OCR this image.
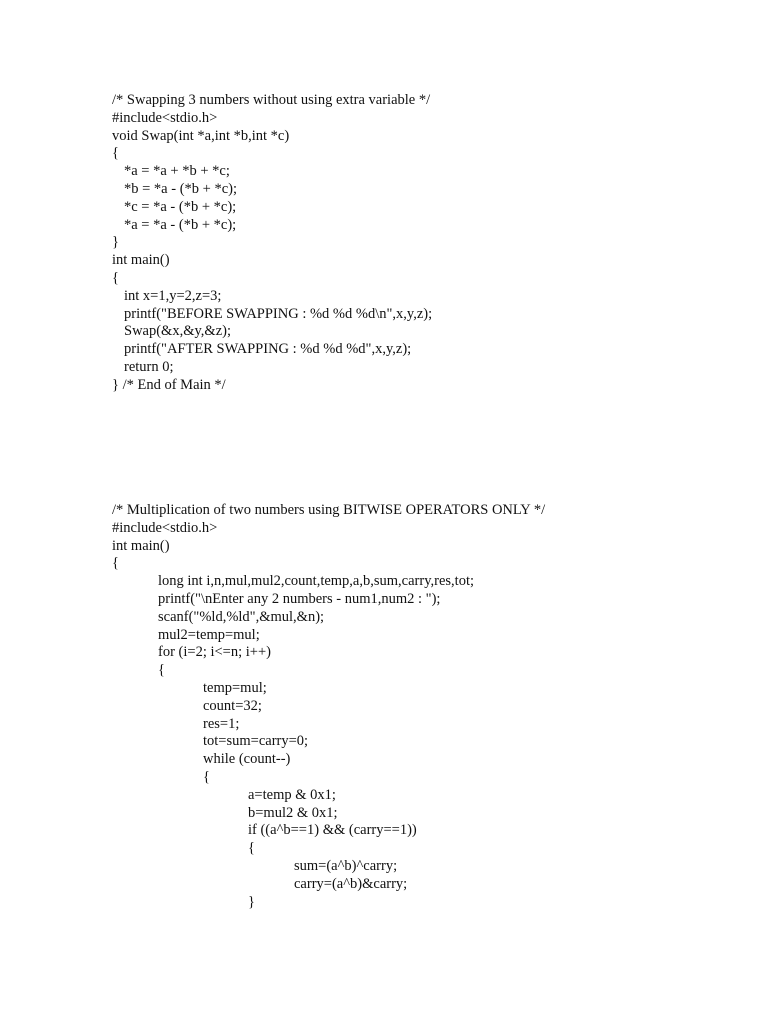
/* Swapping 3 numbers without using extra variable */
#include<stdio.h>
void Swap(int *a,int *b,int *c)
{
*a = *a + *b + *c;
*b = *a - (*b + *c);
*c = *a - (*b + *c);
*a = *a - (*b + *c);
}
int main()
{
int x=1,y=2,z=3;
printf("BEFORE SWAPPING : %d %d %d\n",x,y,z);
Swap(&x,&y,&z);
printf("AFTER SWAPPING : %d %d %d",x,y,z);
return 0;
} /* End of Main */
/* Multiplication of two numbers using BITWISE OPERATORS ONLY */
#include<stdio.h>
int main()
{
long int i,n,mul,mul2,count,temp,a,b,sum,carry,res,tot;
printf("\nEnter any 2 numbers - num1,num2 : ");
scanf("%ld,%ld",&mul,&n);
mul2=temp=mul;
for (i=2; i<=n; i++)
{
temp=mul;
count=32;
res=1;
tot=sum=carry=0;
while (count--)
{
a=temp & 0x1;
b=mul2 & 0x1;
if ((a^b==1) && (carry==1))
{
sum=(a^b)^carry;
carry=(a^b)&carry;
}
